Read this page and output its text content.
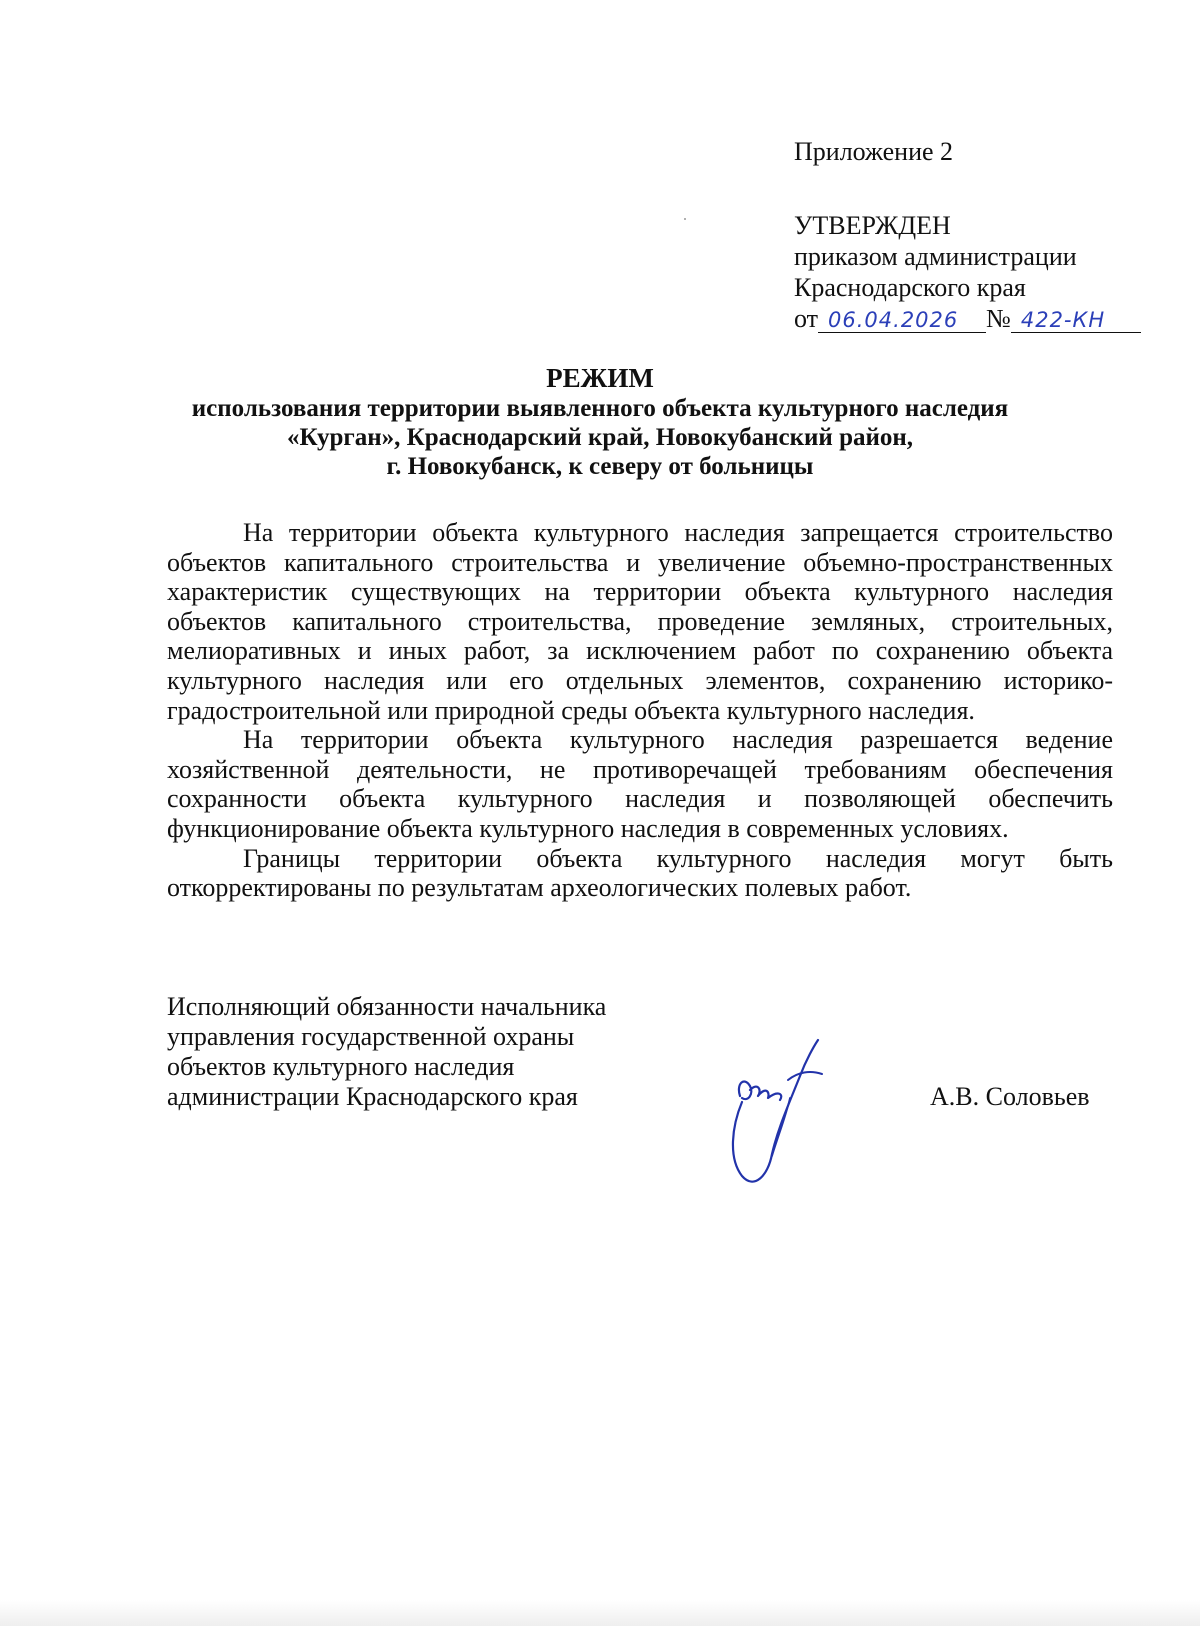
Приложение 2
УТВЕРЖДЕН
приказом администрации
Краснодарского края
от 06.04.2026 № 422-КН
РЕЖИМ
использования территории выявленного объекта культурного наследия
«Курган», Краснодарский край, Новокубанский район,
г. Новокубанск, к северу от больницы

На территории объекта культурного наследия запрещается строительство объектов капитального строительства и увеличение объемно-пространственных характеристик существующих на территории объекта культурного наследия объектов капитального строительства, проведение земляных, строительных, мелиоративных и иных работ, за исключением работ по сохранению объекта культурного наследия или его отдельных элементов, сохранению историко-градостроительной или природной среды объекта культурного наследия.

На территории объекта культурного наследия разрешается ведение хозяйственной деятельности, не противоречащей требованиям обеспечения сохранности объекта культурного наследия и позволяющей обеспечить функционирование объекта культурного наследия в современных условиях.

Границы территории объекта культурного наследия могут быть откорректированы по результатам археологических полевых работ.

Исполняющий обязанности начальника
управления государственной охраны
объектов культурного наследия
администрации Краснодарского края	А.В. Соловьев
